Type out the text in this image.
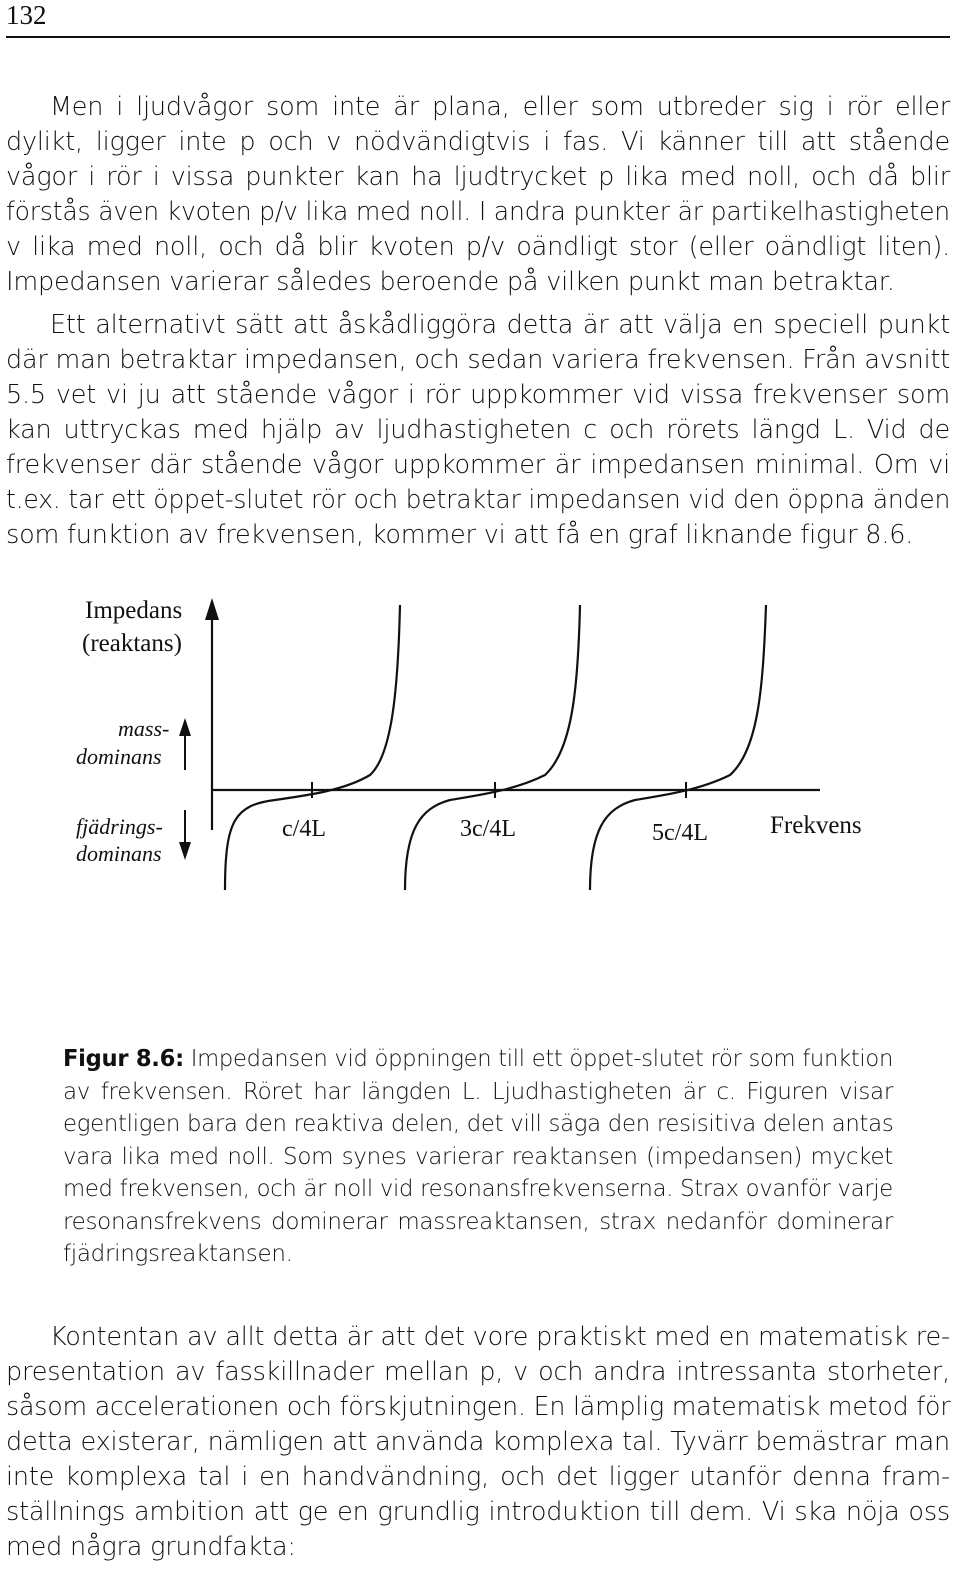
132
Men i ljudvågor som inte är plana, eller som utbreder sig i rör eller
dylikt, ligger inte p och v nödvändigtvis i fas. Vi känner till att stående
vågor i rör i vissa punkter kan ha ljudtrycket p lika med noll, och då blir
förstås även kvoten p/v lika med noll. I andra punkter är partikelhastigheten
v lika med noll, och då blir kvoten p/v oändligt stor (eller oändligt liten).
Impedansen varierar således beroende på vilken punkt man betraktar.
Ett alternativt sätt att åskådliggöra detta är att välja en speciell punkt
där man betraktar impedansen, och sedan variera frekvensen. Från avsnitt
5.5 vet vi ju att stående vågor i rör uppkommer vid vissa frekvenser som
kan uttryckas med hjälp av ljudhastigheten c och rörets längd L. Vid de
frekvenser där stående vågor uppkommer är impedansen minimal. Om vi
t.ex. tar ett öppet-slutet rör och betraktar impedansen vid den öppna änden
som funktion av frekvensen, kommer vi att få en graf liknande figur 8.6.
Impedans
(reaktans)
mass-
dominans
fjädrings-
dominans
c/4L	3c/4L	5c/4L Frekvens
Figur 8.6: Impedansen vid öppningen till ett öppet-slutet rör som funktion
av frekvensen. Röret har längden L. Ljudhastigheten är c. Figuren visar
egentligen bara den reaktiva delen, det vill säga den resisitiva delen antas
vara lika med noll. Som synes varierar reaktansen (impedansen) mycket
med frekvensen, och är noll vid resonansfrekvenserna. Strax ovanför varje
resonansfrekvens dominerar massreaktansen, strax nedanför dominerar
fjädringsreaktansen.
Kontentan av allt detta är att det vore praktiskt med en matematisk re-
presentation av fasskillnader mellan p, v och andra intressanta storheter,
såsom accelerationen och förskjutningen. En lämplig matematisk metod för
detta existerar, nämligen att använda komplexa tal. Tyvärr bemästrar man
inte komplexa tal i en handvändning, och det ligger utanför denna fram-
ställnings ambition att ge en grundlig introduktion till dem. Vi ska nöja oss
med några grundfakta:
